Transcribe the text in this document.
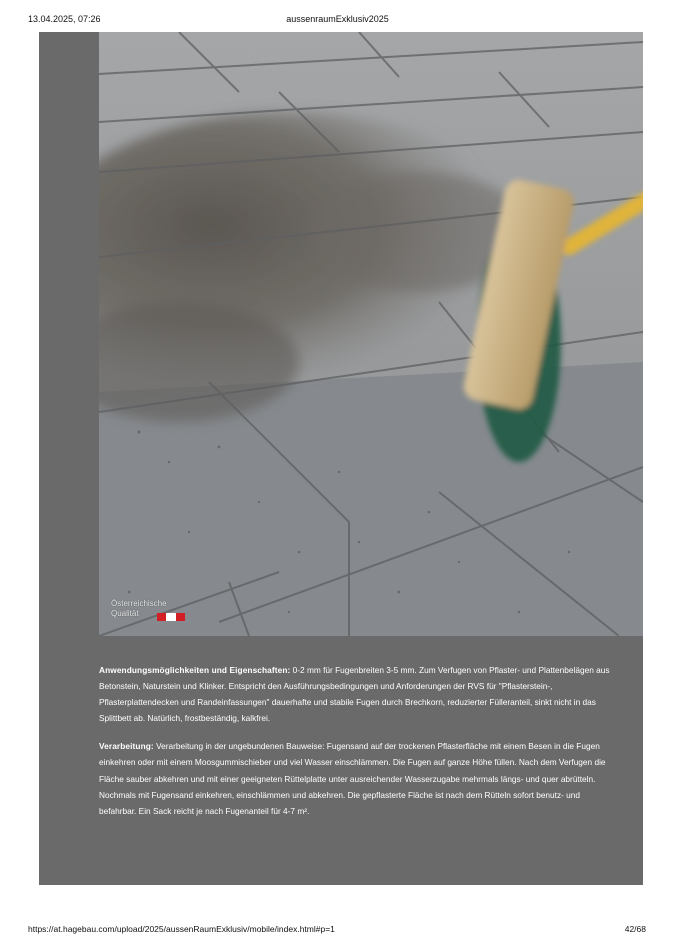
13.04.2025, 07:26	aussenraumExklusiv2025
Österreichische
Qualität

Anwendungsmöglichkeiten und Eigenschaften: 0-2 mm für Fugenbreiten 3-5 mm. Zum Verfugen von Pflaster- und Plattenbelägen aus Betonstein, Naturstein und Klinker. Entspricht den Ausführungsbedingungen und Anforderungen der RVS für "Pflasterstein-, Pflasterplattendecken und Randeinfassungen" dauerhafte und stabile Fugen durch Brechkorn, reduzierter Fülleranteil, sinkt nicht in das Splittbett ab. Natürlich, frostbeständig, kalkfrei.

Verarbeitung: Verarbeitung in der ungebundenen Bauweise: Fugensand auf der trockenen Pflasterfläche mit einem Besen in die Fugen einkehren oder mit einem Moosgummischieber und viel Wasser einschlämmen. Die Fugen auf ganze Höhe füllen. Nach dem Verfugen die Fläche sauber abkehren und mit einer geeigneten Rüttelplatte unter ausreichender Wasserzugabe mehrmals längs- und quer abrütteln. Nochmals mit Fugensand einkehren, einschlämmen und abkehren. Die gepflasterte Fläche ist nach dem Rütteln sofort benutz- und befahrbar. Ein Sack reicht je nach Fugenanteil für 4-7 m².

https://at.hagebau.com/upload/2025/aussenRaumExklusiv/mobile/index.html#p=1	42/68
